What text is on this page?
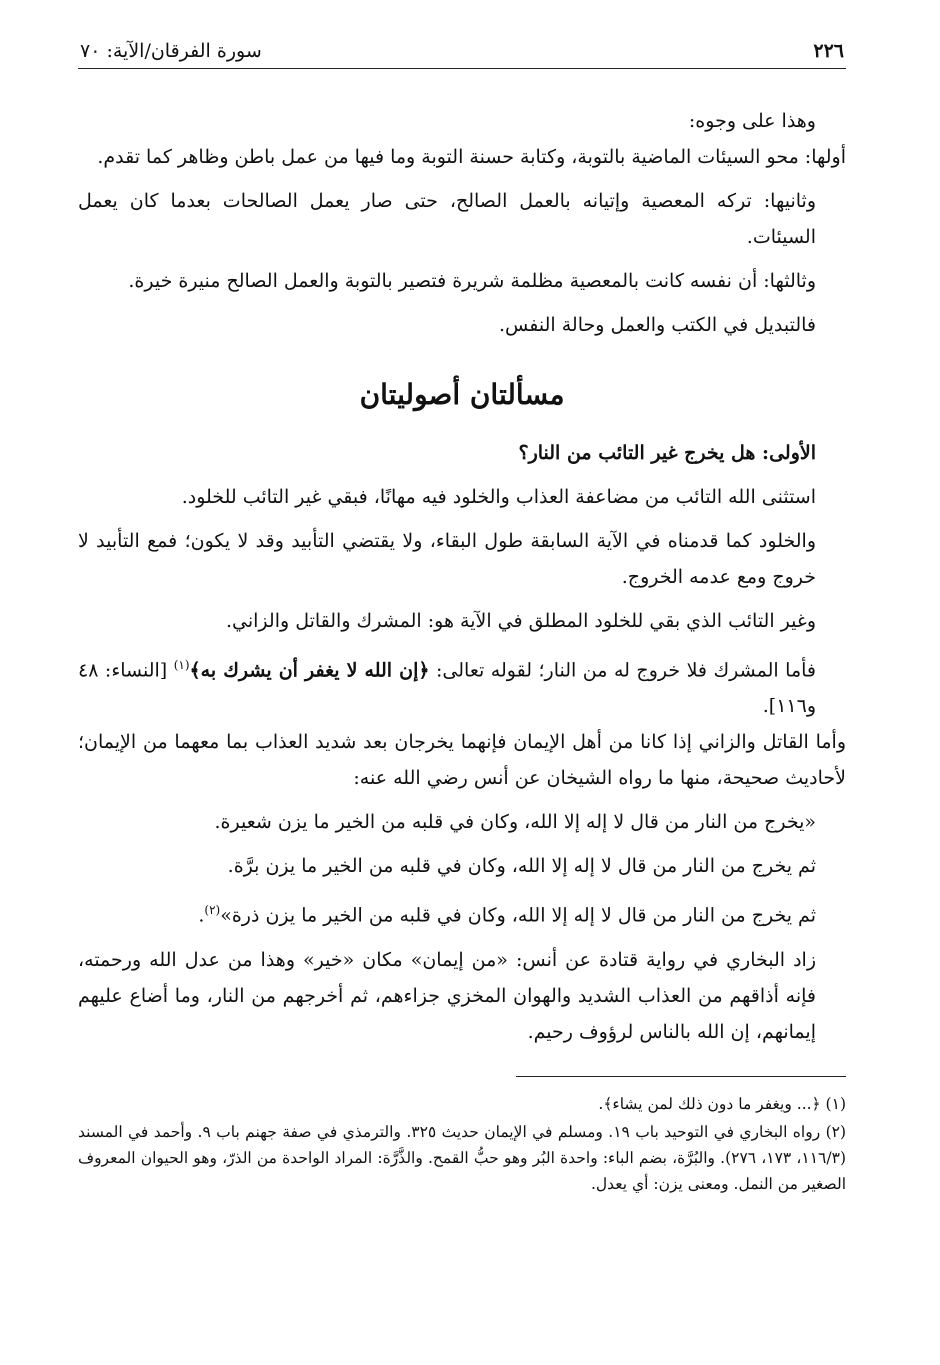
٢٢٦
سورة الفرقان/الآية: ٧٠

وهذا على وجوه:

أولها: محو السيئات الماضية بالتوبة، وكتابة حسنة التوبة وما فيها من عمل باطن وظاهر كما تقدم.

وثانيها: تركه المعصية وإتيانه بالعمل الصالح، حتى صار يعمل الصالحات بعدما كان يعمل السيئات.

وثالثها: أن نفسه كانت بالمعصية مظلمة شريرة فتصير بالتوبة والعمل الصالح منيرة خيرة.

فالتبديل في الكتب والعمل وحالة النفس.

مسألتان أصوليتان

الأولى: هل يخرج غير التائب من النار؟

استثنى الله التائب من مضاعفة العذاب والخلود فيه مهانًا، فبقي غير التائب للخلود.

والخلود كما قدمناه في الآية السابقة طول البقاء، ولا يقتضي التأبيد وقد لا يكون؛ فمع التأبيد لا خروج ومع عدمه الخروج.

وغير التائب الذي بقي للخلود المطلق في الآية هو: المشرك والقاتل والزاني.

فأما المشرك فلا خروج له من النار؛ لقوله تعالى: ﴿إن الله لا يغفر أن يشرك به﴾$^{(١)}$ [النساء: ٤٨ و١١٦].

وأما القاتل والزاني إذا كانا من أهل الإيمان فإنهما يخرجان بعد شديد العذاب بما معهما من الإيمان؛ لأحاديث صحيحة، منها ما رواه الشيخان عن أنس رضي الله عنه:

«يخرج من النار من قال لا إله إلا الله، وكان في قلبه من الخير ما يزن شعيرة.

ثم يخرج من النار من قال لا إله إلا الله، وكان في قلبه من الخير ما يزن برَّة.

ثم يخرج من النار من قال لا إله إلا الله، وكان في قلبه من الخير ما يزن ذرة»$^{(٢)}$.

زاد البخاري في رواية قتادة عن أنس: «من إيمان» مكان «خير» وهذا من عدل الله ورحمته، فإنه أذاقهم من العذاب الشديد والهوان المخزي جزاءهم، ثم أخرجهم من النار، وما أضاع عليهم إيمانهم، إن الله بالناس لرؤوف رحيم.

(١) ﴿... ويغفر ما دون ذلك لمن يشاء﴾.

(٢) رواه البخاري في التوحيد باب ١٩. ومسلم في الإيمان حديث ٣٢٥. والترمذي في صفة جهنم باب ٩. وأحمد في المسند (١١٦/٣، ١٧٣، ٢٧٦). والبُرَّة، بضم الباء: واحدة البُر وهو حبُّ القمح. والذَّرَّة: المراد الواحدة من الذرّ، وهو الحيوان المعروف الصغير من النمل. ومعنى يزن: أي يعدل.
